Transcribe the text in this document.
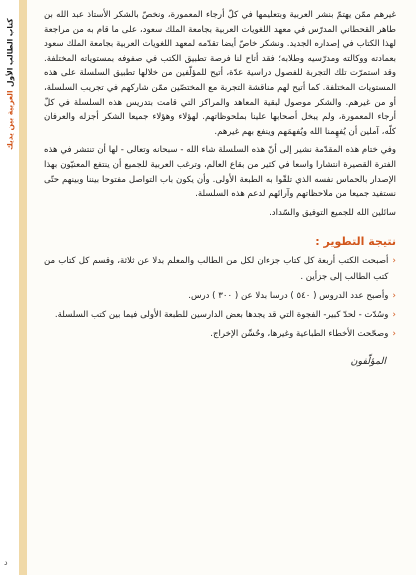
كتاب الطالب الأول
العربية بين يديك
د

غيرهم ممّن يهتمّ بنشر العربية وبتعليمها في كلّ أرجاء المعمورة، ونخصّ بالشكر الأستاذ عبد الله بن طاهر القحطاني المدرّس في معهد اللغويات العربية بجامعة الملك سعود، على ما قام به من مراجعة لهذا الكتاب في إصداره الجديد. ونشكر خاصّ أيضا تقدّمه لمعهد اللغويات العربية بجامعة الملك سعود بعمادته ووكالته ومدرّسيه وطلابه؛ فقد أتاح لنا فرصة تطبيق الكتب في صفوفه بمستوياته المختلفة. وقد استمرّت تلك التجربة للفصول دراسية عدّة، أتيح للمؤلّفين من خلالها تطبيق السلسلة على هذه المستويات المختلفة. كما أتيح لهم مناقشة التجربة مع المختصّين ممّن شاركهم في تجريب السلسلة، أو من غيرهم. والشكر موصول لبقية المعاهد والمراكز التي قامت بتدريس هذه السلسلة في كلّ أرجاء المعمورة، ولم يبخل أصحابها علينا بملحوظاتهم. لهؤلاء وهؤلاء جميعا الشكر أجزله والعرفان كلّه، آملين أن يُفهِمنا الله ويُفهمَهم وينفع بهم غيرهم.

وفي ختام هذه المقدّمة نشير إلى أنّ هذه السلسلة شاء الله - سبحانه وتعالى - لها أن تنتشر في هذه الفترة القصيرة انتشارا واسعا في كثير من بقاع العالم، وترغب العربية للجميع أن ينتفع المعنيّون بهذا الإصدار بالحماس نفسه الذي تلقّوا به الطبعة الأولى. وأن يكون باب التواصل مفتوحا بيننا وبينهم حتّى نستفيد جميعا من ملاحظاتهم وآرائهم لدعم هذه السلسلة.

سائلين الله للجميع التوفيق والسّداد.

نتيجة التطوير :
‹
أصبحت الكتب أربعة كل كتاب جزءان لكل من الطالب والمعلم بدلا عن ثلاثة، وقسم كل كتاب من كتب الطالب إلى جزأين .
‹
وأصبح عدد الدروس ( ٥٤٠ ) درسا بدلا عن ( ٣٠٠ ) درس.
‹
وسُدّت - لحدّ كبير- الفجوة التي قد يجدها بعض الدارسين للطبعة الأولى فيما بين كتب السلسلة.
‹
وصحّحت الأخطاء الطباعية وغيرها، وحُسِّن الإخراج.
المؤلّفون
